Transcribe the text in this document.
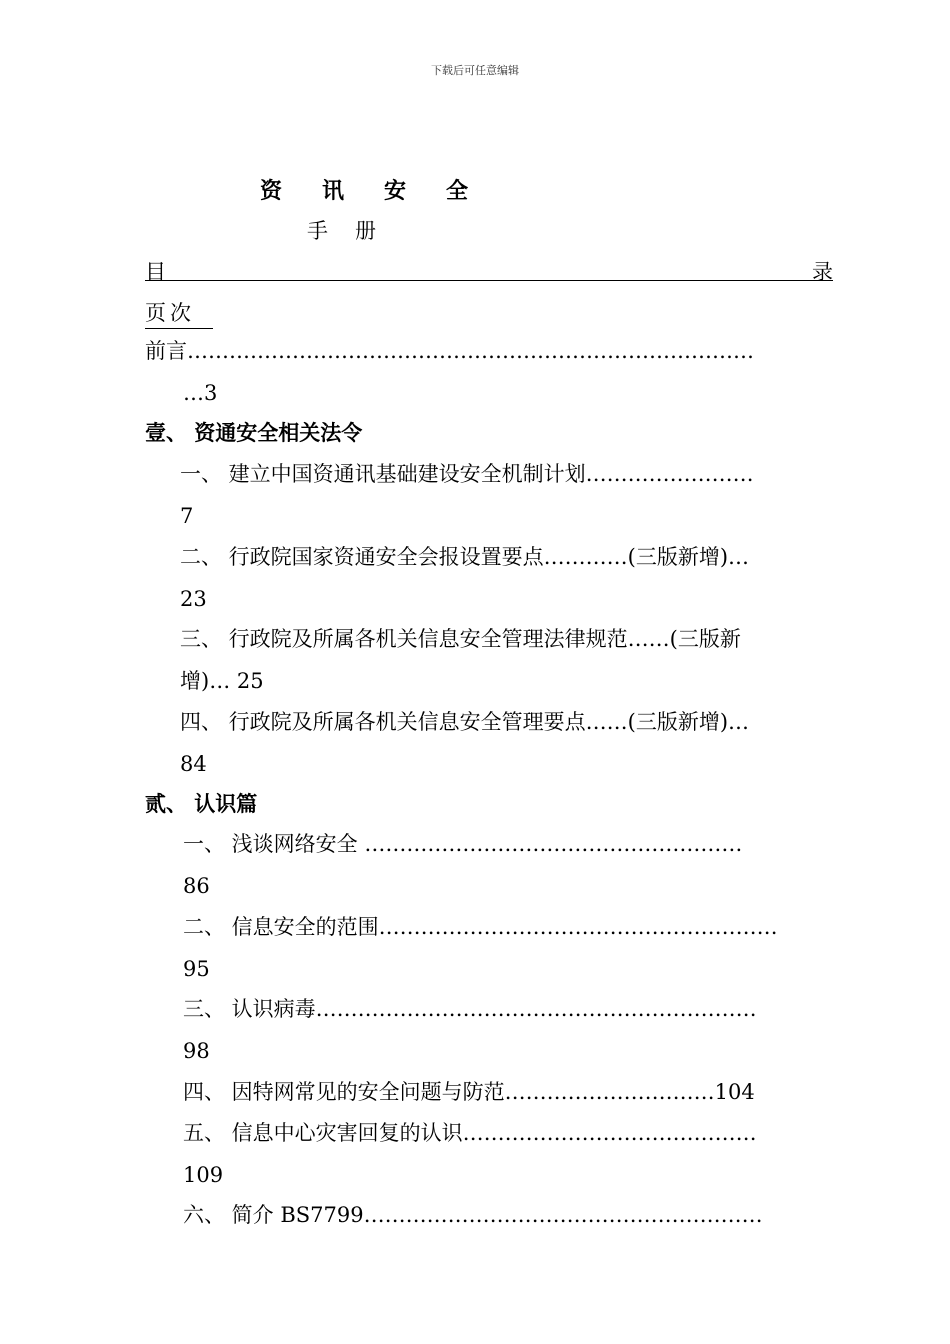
下载后可任意编辑
资 讯 安 全
手 册
目	录
页次
前言………………………………………………………………………
…3
壹、 资通安全相关法令
一、 建立中国资通讯基础建设安全机制计划……………………
7
二、 行政院国家资通安全会报设置要点…………(三版新增)…
23
三、 行政院及所属各机关信息安全管理法律规范……(三版新
增)… 25
四、 行政院及所属各机关信息安全管理要点……(三版新增)…
84
贰、 认识篇
一、 浅谈网络安全 ………………………………………………
86
二、 信息安全的范围…………………………………………………
95
三、 认识病毒………………………………………………………
98
四、 因特网常见的安全问题与防范…………………………104
五、 信息中心灾害回复的认识……………………………………
109
六、 简介 BS7799…………………………………………………
